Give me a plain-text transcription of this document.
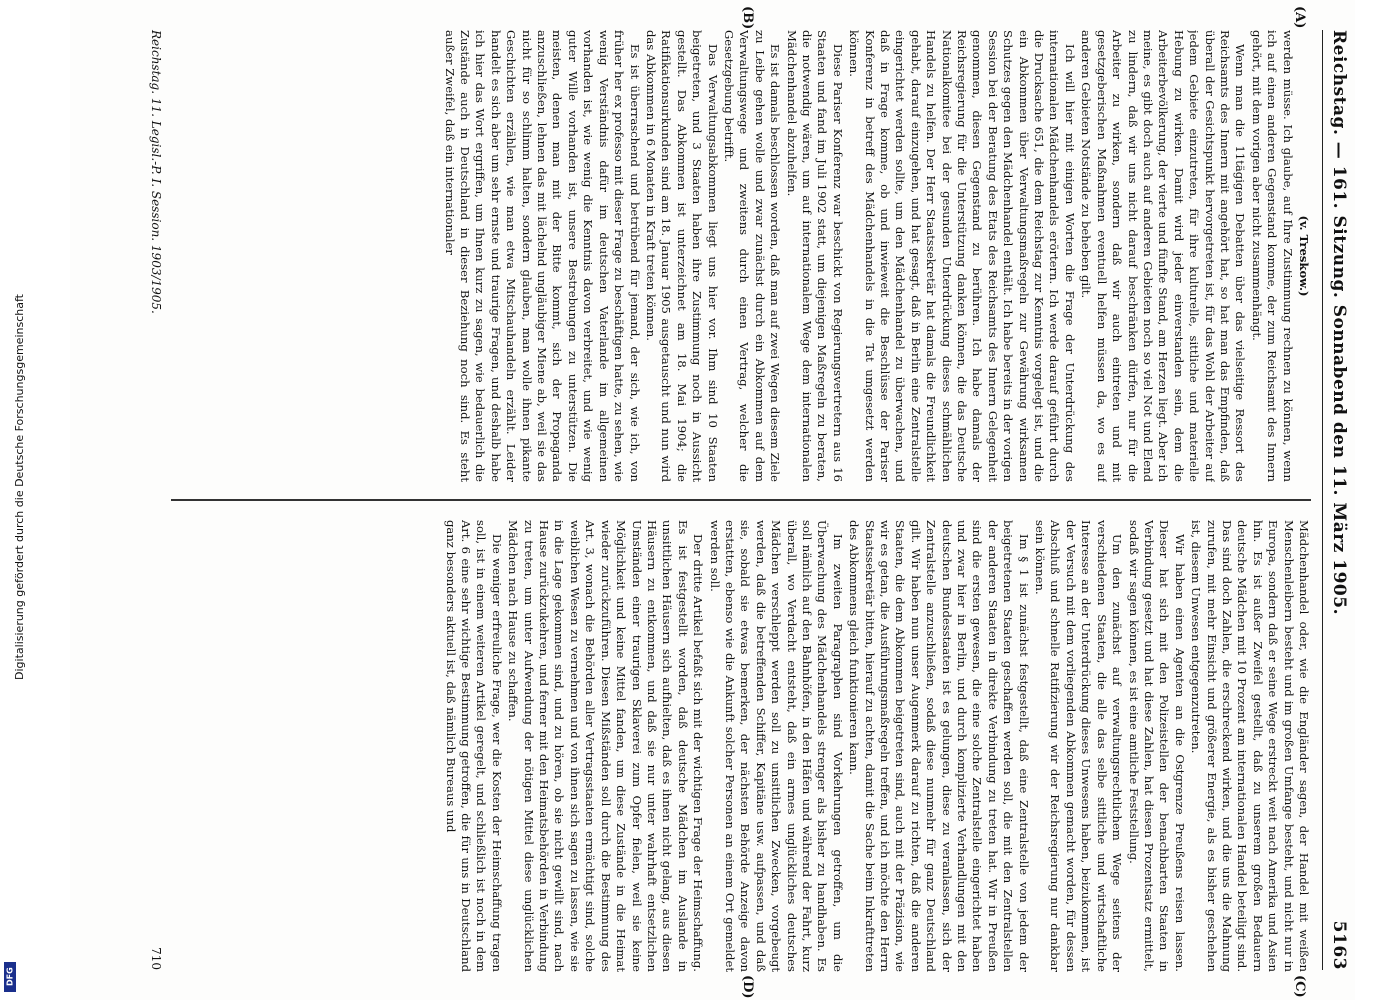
Digitalisierung gefördert durch die Deutsche Forschungsgemeinschaft
DFG
Reichstag. — 161. Sitzung. Sonnabend den 11. März 1905.
5163
(A)
(B)
(C)
(D)

(v. Treskow.)

werden müsse. Ich glaube, auf Ihre Zustimmung rechnen zu können, wenn ich auf einen anderen Gegenstand komme, der zum Reichsamt des Innern gehört, mit dem vorigen aber nicht zusammenhängt.

Wenn man die 11tägigen Debatten über das vielseitige Ressort des Reichsamts des Innern mit angehört hat, so hat man das Empfinden, daß überall der Gesichtspunkt hervorgetreten ist, für das Wohl der Arbeiter auf jedem Gebiete einzutreten, für ihre kulturelle, sittliche und materielle Hebung zu wirken. Damit wird jeder einverstanden sein, dem die Arbeiterbevölkerung, der vierte und fünfte Stand, am Herzen liegt. Aber ich meine, es gibt doch auch auf anderen Gebieten noch so viel Not und Elend zu lindern, daß wir uns nicht darauf beschränken dürfen, nur für die Arbeiter zu wirken, sondern daß wir auch eintreten und mit gesetzgeberischen Maßnahmen eventuell helfen müssen da, wo es auf anderen Gebieten Notstände zu beheben gilt.

Ich will hier mit einigen Worten die Frage der Unterdrückung des internationalen Mädchenhandels erörtern. Ich werde darauf geführt durch die Drucksache 651, die dem Reichstag zur Kenntnis vorgelegt ist, und die ein Abkommen über Verwaltungsmaßregeln zur Gewährung wirksamen Schutzes gegen den Mädchenhandel enthält. Ich habe bereits in der vorigen Session bei der Beratung des Etats des Reichsamts des Innern Gelegenheit genommen, diesen Gegenstand zu berühren. Ich habe damals der Reichsregierung für die Unterstützung danken können, die das Deutsche Nationalkomitee bei der gesunden Unterdrückung dieses schmählichen Handels zu helfen. Der Herr Staatssekretär hat damals die Freundlichkeit gehabt, darauf einzugehen, und hat gesagt, daß in Berlin eine Zentralstelle eingerichtet werden sollte, um den Mädchenhandel zu überwachen, und daß in Frage komme, ob und inwieweit die Beschlüsse der Pariser Konferenz in betreff des Mädchenhandels in die Tat umgesetzt werden können.

Diese Pariser Konferenz war beschickt von Regierungsvertretern aus 16 Staaten und fand im Juli 1902 statt, um diejenigen Maßregeln zu beraten, die notwendig wären, um auf internationalem Wege dem internationalen Mädchenhandel abzuhelfen.

Es ist damals beschlossen worden, daß man auf zwei Wegen diesem Ziele zu Leibe gehen wolle und zwar zunächst durch ein Abkommen auf dem Verwaltungswege und zweitens durch einen Vertrag, welcher die Gesetzgebung betrifft.

Das Verwaltungsabkommen liegt uns hier vor. Ihm sind 10 Staaten beigetreten, und 3 Staaten haben ihre Zustimmung noch in Aussicht gestellt. Das Abkommen ist unterzeichnet am 18. Mai 1904; die Ratifikationsurkunden sind am 18. Januar 1905 ausgetauscht und nun wird das Abkommen in 6 Monaten in Kraft treten können.

Es ist überraschend und betrübend für jemand, der sich, wie ich, von früher her ex professo mit dieser Frage zu beschäftigen hatte, zu sehen, wie wenig Verständnis dafür im deutschen Vaterlande im allgemeinen vorhanden ist, wie wenig die Kenntnis davon verbreitet, und wie wenig guter Wille vorhanden ist, unsere Bestrebungen zu unterstützen. Die meisten, denen man mit der Bitte kommt, sich der Propaganda anzuschließen, lehnen das mit lächelnd ungläubiger Miene ab, weil sie das nicht für so schlimm halten, sondern glauben, man wolle ihnen pikante Geschichten erzählen, wie man etwa Mitschauhandeln erzählt. Leider handelt es sich aber um sehr ernste und traurige Fragen, und deshalb habe ich hier das Wort ergriffen, um Ihnen kurz zu sagen, wie bedauerlich die Zustände auch in Deutschland in dieser Beziehung noch sind. Es steht außer Zweifel, daß ein internationaler

Mädchenhandel oder, wie die Engländer sagen, der Handel mit weißen Menschenleibern besteht und im großen Umfange besteht, und nicht nur in Europa, sondern daß er seine Wege erstreckt weit nach Amerika und Asien hin. Es ist außer Zweifel gestellt, daß zu unserem großen Bedauern deutsche Mädchen mit 10 Prozent am internationalen Handel beteiligt sind. Das sind doch Zahlen, die erschreckend wirken, und die uns die Mahnung zurufen, mit mehr Einsicht und größerer Energie, als es bisher geschehen ist, diesem Unwesen entgegenzutreten.

Wir haben einen Agenten an die Ostgrenze Preußens reisen lassen. Dieser hat sich mit den Polizeistellen der benachbarten Staaten in Verbindung gesetzt und hat diese Zahlen, hat diesen Prozentsatz ermittelt, sodaß wir sagen können, es ist eine amtliche Feststellung.

Um den zunächst auf verwaltungsrechtlichem Wege seitens der verschiedenen Staaten, die alle das selbe sittliche und wirtschaftliche Interesse an der Unterdrückung dieses Unwesens haben, beizukommen, ist der Versuch mit dem vorliegenden Abkommen gemacht worden, für dessen Abschluß und schnelle Ratifizierung wir der Reichsregierung nur dankbar sein können.

Im § 1 ist zunächst festgestellt, daß eine Zentralstelle von jedem der beigetretenen Staaten geschaffen werden soll, die mit den Zentralstellen der anderen Staaten in direkte Verbindung zu treten hat. Wir in Preußen sind die ersten gewesen, die eine solche Zentralstelle eingerichtet haben und zwar hier in Berlin, und durch komplizierte Verhandlungen mit den deutschen Bundesstaaten ist es gelungen, diese zu veranlassen, sich der Zentralstelle anzuschließen, sodaß diese nunmehr für ganz Deutschland gilt. Wir haben nun unser Augenmerk darauf zu richten, daß die anderen Staaten, die dem Abkommen beigetreten sind, auch mit der Präzision, wie wir es getan, die Ausführungsmaßregeln treffen, und ich möchte den Herrn Staatssekretär bitten, hierauf zu achten, damit die Sache beim Inkrafttreten des Abkommens gleich funktionieren kann.

Im zweiten Paragraphen sind Vorkehrungen getroffen, um die Überwachung des Mädchenhandels strenger als bisher zu handhaben. Es soll nämlich auf den Bahnhöfen, in den Häfen und während der Fahrt, kurz überall, wo Verdacht entsteht, daß ein armes unglückliches deutsches Mädchen verschleppt werden soll zu unsittlichen Zwecken, vorgebeugt werden, daß die betreffenden Schiffer, Kapitäne usw. aufpassen, und daß sie, sobald sie etwas bemerken, der nächsten Behörde Anzeige davon erstatten, ebenso wie die Ankunft solcher Personen an einem Ort gemeldet werden soll.

Der dritte Artikel befaßt sich mit der wichtigen Frage der Heimschaffung. Es ist festgestellt worden, daß deutsche Mädchen im Auslande in unsittlichen Häusern sich aufhielten, daß es ihnen nicht gelang, aus diesen Häusern zu entkommen, und daß sie nur unter wahrhaft entsetzlichen Umständen einer traurigen Sklaverei zum Opfer fielen, weil sie keine Möglichkeit und keine Mittel fanden, um diese Zustände in die Heimat wieder zurückzuführen. Diesen Mißständen soll durch die Bestimmung des Art. 3, wonach die Behörden aller Vertragsstaaten ermächtigt sind, solche weiblichen Wesen zu vernehmen und von ihnen sich sagen zu lassen, wie sie in die Lage gekommen sind, und zu hören, ob sie nicht gewillt sind, nach Hause zurückzukehren, und ferner mit den Heimatsbehörden in Verbindung zu treten, um unter Aufwendung der nötigen Mittel diese unglücklichen Mädchen nach Hause zu schaffen.

Die weniger erfreuliche Frage, wer die Kosten der Heimschaffung tragen soll, ist in einem weiteren Artikel geregelt, und schließlich ist noch in dem Art. 6 eine sehr wichtige Bestimmung getroffen, die für uns in Deutschland ganz besonders aktuell ist, daß nämlich Bureaus und

Reichstag. 11. Legisl.-P. I. Session. 1903/1905.
710
